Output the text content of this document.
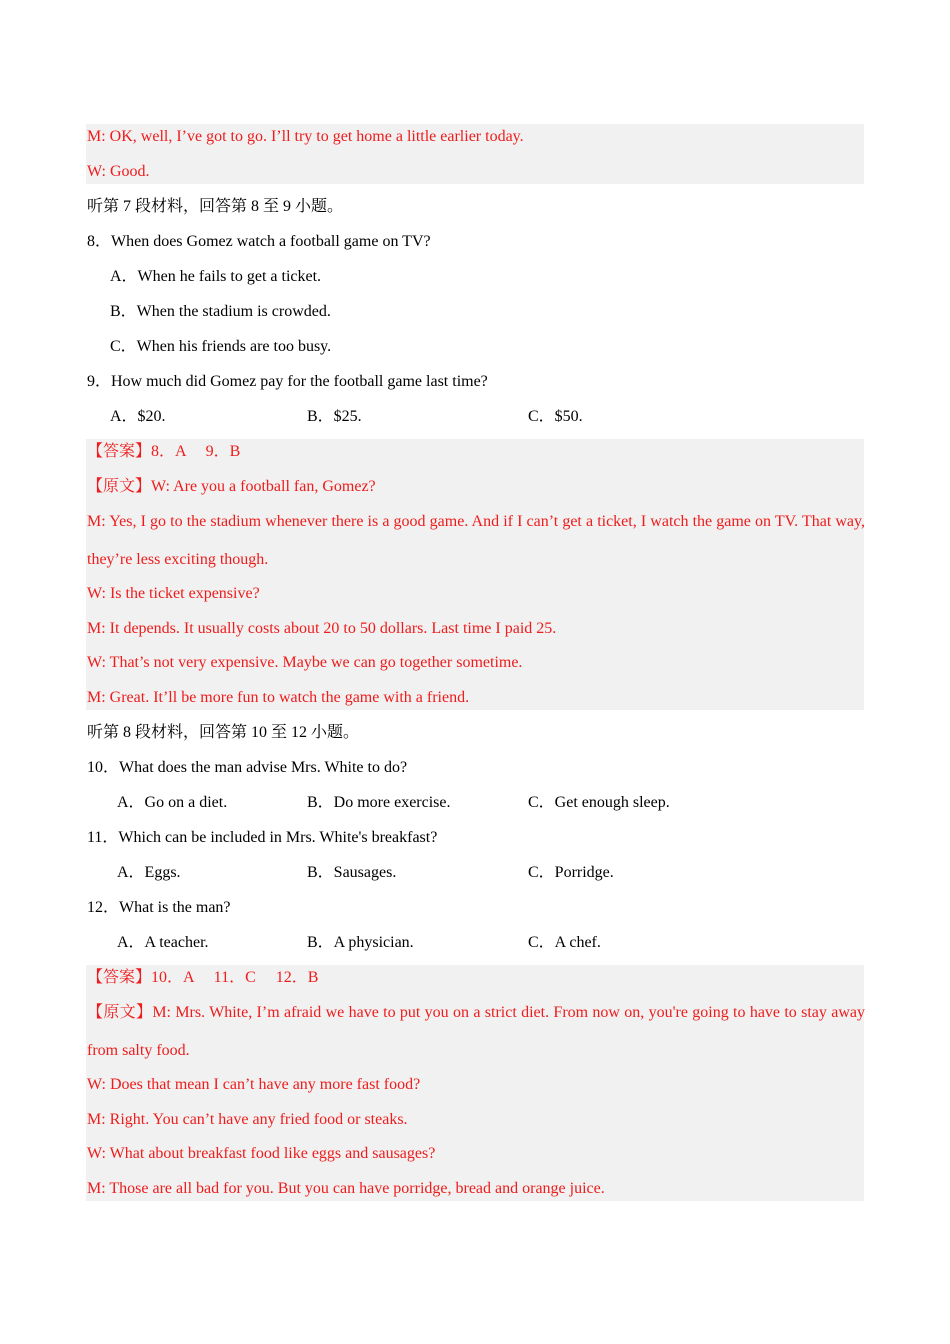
M: OK, well, I’ve got to go. I’ll try to get home a little earlier today.
W: Good.
听第 7 段材料，回答第 8 至 9 小题。
8．When does Gomez watch a football game on TV?
A．When he fails to get a ticket.
B．When the stadium is crowded.
C．When his friends are too busy.
9．How much did Gomez pay for the football game last time?
A．$20.	B．$25.	C．$50.
【答案】8．A　 9．B
【原文】W: Are you a football fan, Gomez?
M: Yes, I go to the stadium whenever there is a good game. And if I can’t get a ticket, I watch the game on TV. That way, they’re less exciting though.
W: Is the ticket expensive?
M: It depends. It usually costs about 20 to 50 dollars. Last time I paid 25.
W: That’s not very expensive. Maybe we can go together sometime.
M: Great. It’ll be more fun to watch the game with a friend.
听第 8 段材料，回答第 10 至 12 小题。
10．What does the man advise Mrs. White to do?
A．Go on a diet.	B．Do more exercise.	C．Get enough sleep.
11．Which can be included in Mrs. White's breakfast?
A．Eggs.	B．Sausages.	C．Porridge.
12．What is the man?
A．A teacher.	B．A physician.	C．A chef.
【答案】10．A　 11．C　 12．B
【原文】M: Mrs. White, I’m afraid we have to put you on a strict diet. From now on, you're going to have to stay away from salty food.
W: Does that mean I can’t have any more fast food?
M: Right. You can’t have any fried food or steaks.
W: What about breakfast food like eggs and sausages?
M: Those are all bad for you. But you can have porridge, bread and orange juice.
